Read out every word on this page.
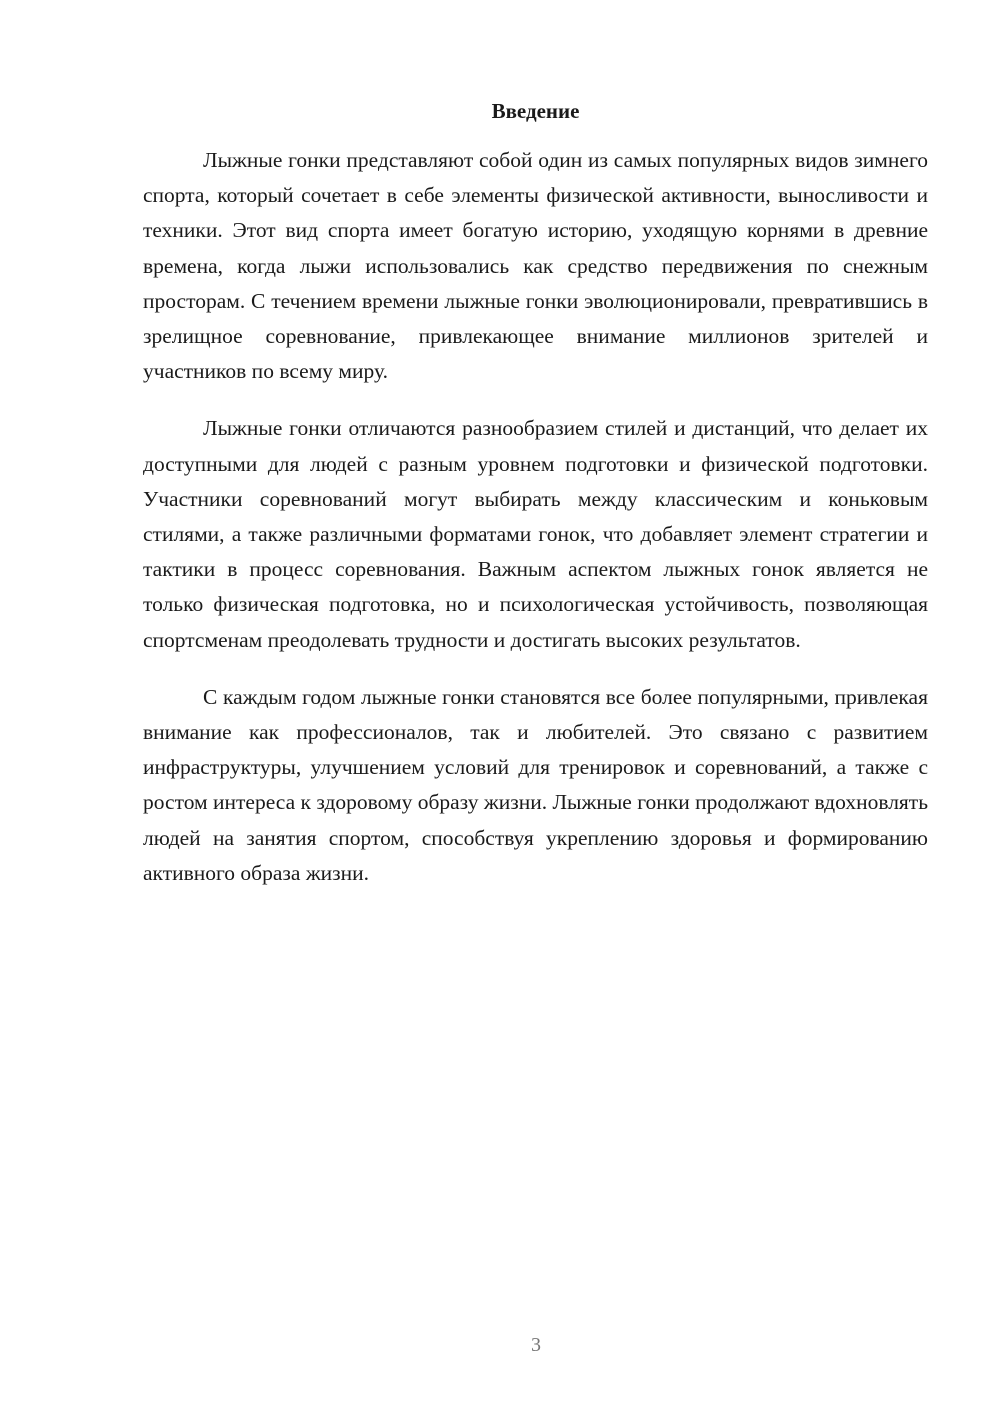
Введение

Лыжные гонки представляют собой один из самых популярных видов зимнего спорта, который сочетает в себе элементы физической активности, выносливости и техники. Этот вид спорта имеет богатую историю, уходящую корнями в древние времена, когда лыжи использовались как средство передвижения по снежным просторам. С течением времени лыжные гонки эволюционировали, превратившись в зрелищное соревнование, привлекающее внимание миллионов зрителей и участников по всему миру.

Лыжные гонки отличаются разнообразием стилей и дистанций, что делает их доступными для людей с разным уровнем подготовки и физической подготовки. Участники соревнований могут выбирать между классическим и коньковым стилями, а также различными форматами гонок, что добавляет элемент стратегии и тактики в процесс соревнования. Важным аспектом лыжных гонок является не только физическая подготовка, но и психологическая устойчивость, позволяющая спортсменам преодолевать трудности и достигать высоких результатов.

С каждым годом лыжные гонки становятся все более популярными, привлекая внимание как профессионалов, так и любителей. Это связано с развитием инфраструктуры, улучшением условий для тренировок и соревнований, а также с ростом интереса к здоровому образу жизни. Лыжные гонки продолжают вдохновлять людей на занятия спортом, способствуя укреплению здоровья и формированию активного образа жизни.

3
